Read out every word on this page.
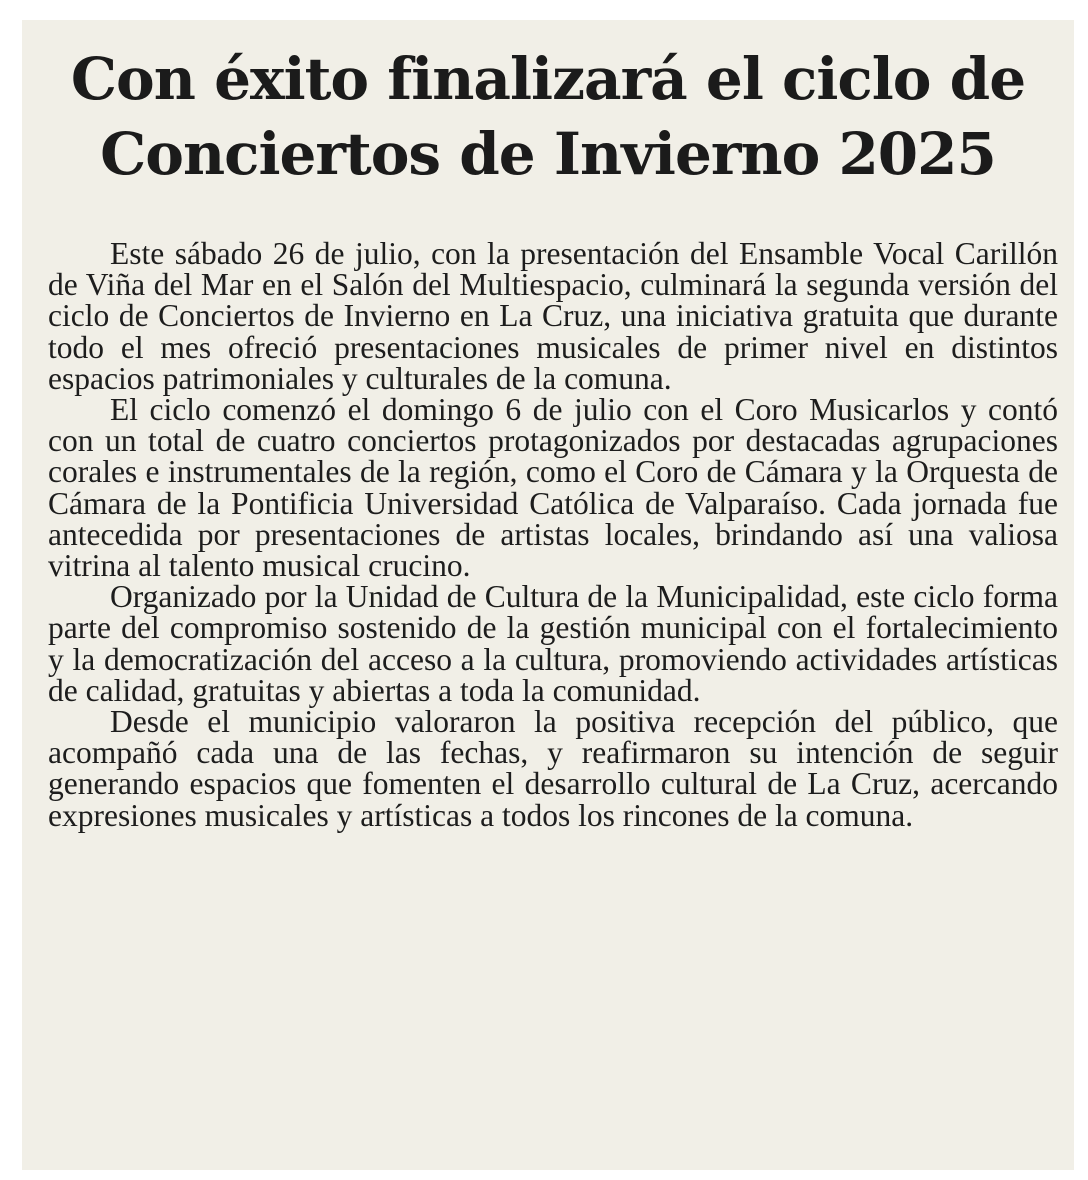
Con éxito finalizará el ciclo de Conciertos de Invierno 2025

Este sábado 26 de julio, con la presentación del Ensamble Vocal Carillón de Viña del Mar en el Salón del Multiespacio, culminará la segunda versión del ciclo de Conciertos de Invierno en La Cruz, una iniciativa gratuita que durante todo el mes ofreció presentaciones musicales de primer nivel en distintos espacios patrimoniales y culturales de la comuna.

El ciclo comenzó el domingo 6 de julio con el Coro Musicarlos y contó con un total de cuatro conciertos protagonizados por destacadas agrupaciones corales e instrumentales de la región, como el Coro de Cámara y la Orquesta de Cámara de la Pontificia Universidad Católica de Valparaíso. Cada jornada fue antecedida por presentaciones de artistas locales, brindando así una valiosa vitrina al talento musical crucino.

Organizado por la Unidad de Cultura de la Municipalidad, este ciclo forma parte del compromiso sostenido de la gestión municipal con el fortalecimiento y la democratización del acceso a la cultura, promoviendo actividades artísticas de calidad, gratuitas y abiertas a toda la comunidad.

Desde el municipio valoraron la positiva recepción del público, que acompañó cada una de las fechas, y reafirmaron su intención de seguir generando espacios que fomenten el desarrollo cultural de La Cruz, acercando expresiones musicales y artísticas a todos los rincones de la comuna.
